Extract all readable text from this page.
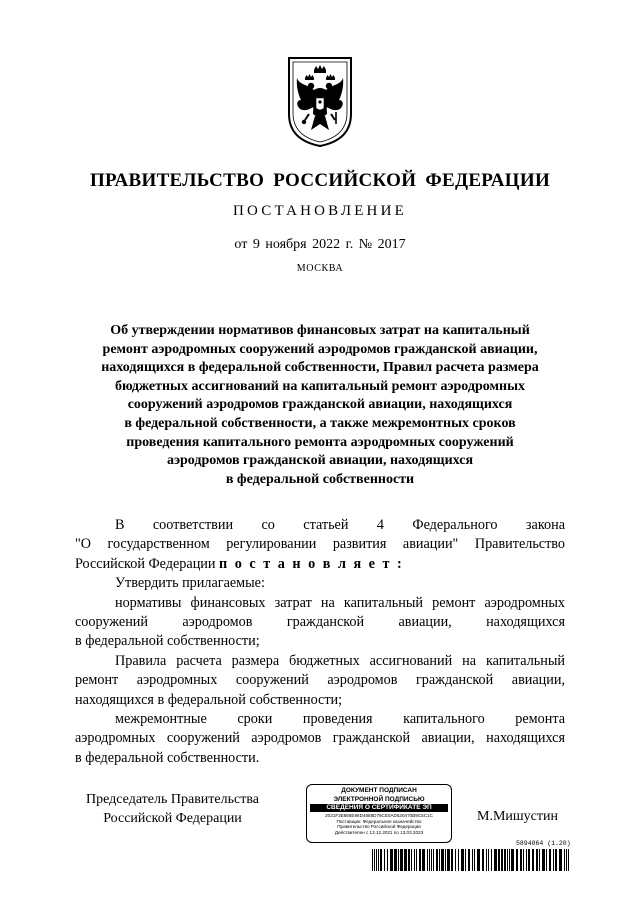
ПРАВИТЕЛЬСТВО РОССИЙСКОЙ ФЕДЕРАЦИИ
ПОСТАНОВЛЕНИЕ
от 9 ноября 2022 г. № 2017
МОСКВА
Об утверждении нормативов финансовых затрат на капитальный
ремонт аэродромных сооружений аэродромов гражданской авиации,
находящихся в федеральной собственности, Правил расчета размера
бюджетных ассигнований на капитальный ремонт аэродромных
сооружений аэродромов гражданской авиации, находящихся
в федеральной собственности, а также межремонтных сроков
проведения капитального ремонта аэродромных сооружений
аэродромов гражданской авиации, находящихся
в федеральной собственности
В соответствии со статьей 4 Федерального закона
"О государственном регулировании развития авиации" Правительство
Российской Федерации п о с т а н о в л я е т :
Утвердить прилагаемые:
нормативы финансовых затрат на капитальный ремонт аэродромных
сооружений аэродромов гражданской авиации, находящихся
в федеральной собственности;
Правила расчета размера бюджетных ассигнований на капитальный
ремонт аэродромных сооружений аэродромов гражданской авиации,
находящихся в федеральной собственности;
межремонтные сроки проведения капитального ремонта
аэродромных сооружений аэродромов гражданской авиации, находящихся
в федеральной собственности.
Председатель Правительства
Российской Федерации
ДОКУМЕНТ ПОДПИСАН
ЭЛЕКТРОННОЙ ПОДПИСЬЮ
СВЕДЕНИЯ О СЕРТИФИКАТЕ ЭП
2021F3E868E98D4688D78CE0AD530470B9C5C1C
Поставщик: Федеральное казначейство
Правительство Российской Федерации
Действителен с 13.12.2021 по 13.03.2023
М.Мишустин
5894064 (1.20)
